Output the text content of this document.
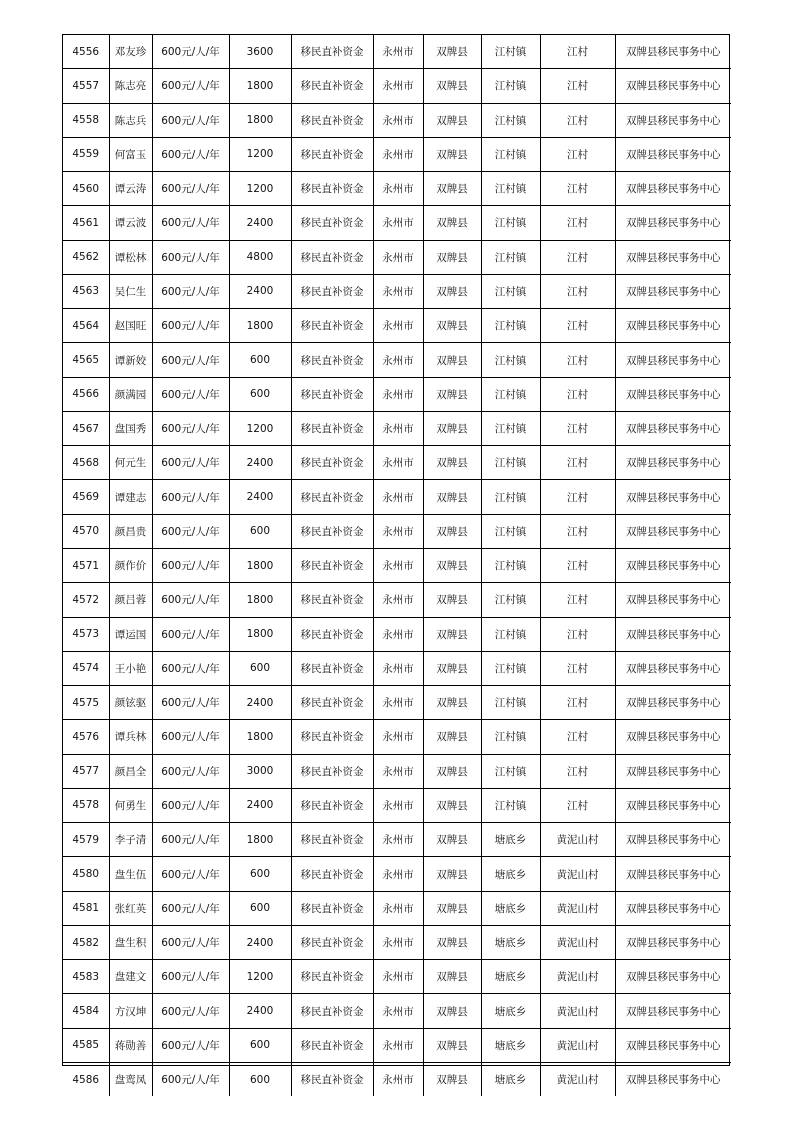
4556	邓友珍	600元/人/年	3600	移民直补资金	永州市	双牌县	江村镇	江村	双牌县移民事务中心
4557	陈志亮	600元/人/年	1800	移民直补资金	永州市	双牌县	江村镇	江村	双牌县移民事务中心
4558	陈志兵	600元/人/年	1800	移民直补资金	永州市	双牌县	江村镇	江村	双牌县移民事务中心
4559	何富玉	600元/人/年	1200	移民直补资金	永州市	双牌县	江村镇	江村	双牌县移民事务中心
4560	谭云涛	600元/人/年	1200	移民直补资金	永州市	双牌县	江村镇	江村	双牌县移民事务中心
4561	谭云波	600元/人/年	2400	移民直补资金	永州市	双牌县	江村镇	江村	双牌县移民事务中心
4562	谭松林	600元/人/年	4800	移民直补资金	永州市	双牌县	江村镇	江村	双牌县移民事务中心
4563	吴仁生	600元/人/年	2400	移民直补资金	永州市	双牌县	江村镇	江村	双牌县移民事务中心
4564	赵国旺	600元/人/年	1800	移民直补资金	永州市	双牌县	江村镇	江村	双牌县移民事务中心
4565	谭新姣	600元/人/年	600	移民直补资金	永州市	双牌县	江村镇	江村	双牌县移民事务中心
4566	颜满园	600元/人/年	600	移民直补资金	永州市	双牌县	江村镇	江村	双牌县移民事务中心
4567	盘国秀	600元/人/年	1200	移民直补资金	永州市	双牌县	江村镇	江村	双牌县移民事务中心
4568	何元生	600元/人/年	2400	移民直补资金	永州市	双牌县	江村镇	江村	双牌县移民事务中心
4569	谭建志	600元/人/年	2400	移民直补资金	永州市	双牌县	江村镇	江村	双牌县移民事务中心
4570	颜昌贵	600元/人/年	600	移民直补资金	永州市	双牌县	江村镇	江村	双牌县移民事务中心
4571	颜作价	600元/人/年	1800	移民直补资金	永州市	双牌县	江村镇	江村	双牌县移民事务中心
4572	颜吕蓉	600元/人/年	1800	移民直补资金	永州市	双牌县	江村镇	江村	双牌县移民事务中心
4573	谭运国	600元/人/年	1800	移民直补资金	永州市	双牌县	江村镇	江村	双牌县移民事务中心
4574	王小艳	600元/人/年	600	移民直补资金	永州市	双牌县	江村镇	江村	双牌县移民事务中心
4575	颜铉驱	600元/人/年	2400	移民直补资金	永州市	双牌县	江村镇	江村	双牌县移民事务中心
4576	谭兵林	600元/人/年	1800	移民直补资金	永州市	双牌县	江村镇	江村	双牌县移民事务中心
4577	颜昌全	600元/人/年	3000	移民直补资金	永州市	双牌县	江村镇	江村	双牌县移民事务中心
4578	何勇生	600元/人/年	2400	移民直补资金	永州市	双牌县	江村镇	江村	双牌县移民事务中心
4579	李子清	600元/人/年	1800	移民直补资金	永州市	双牌县	塘底乡	黄泥山村	双牌县移民事务中心
4580	盘生伍	600元/人/年	600	移民直补资金	永州市	双牌县	塘底乡	黄泥山村	双牌县移民事务中心
4581	张红英	600元/人/年	600	移民直补资金	永州市	双牌县	塘底乡	黄泥山村	双牌县移民事务中心
4582	盘生积	600元/人/年	2400	移民直补资金	永州市	双牌县	塘底乡	黄泥山村	双牌县移民事务中心
4583	盘建文	600元/人/年	1200	移民直补资金	永州市	双牌县	塘底乡	黄泥山村	双牌县移民事务中心
4584	方汉坤	600元/人/年	2400	移民直补资金	永州市	双牌县	塘底乡	黄泥山村	双牌县移民事务中心
4585	蒋勋善	600元/人/年	600	移民直补资金	永州市	双牌县	塘底乡	黄泥山村	双牌县移民事务中心
4586	盘鸾凤	600元/人/年	600	移民直补资金	永州市	双牌县	塘底乡	黄泥山村	双牌县移民事务中心
